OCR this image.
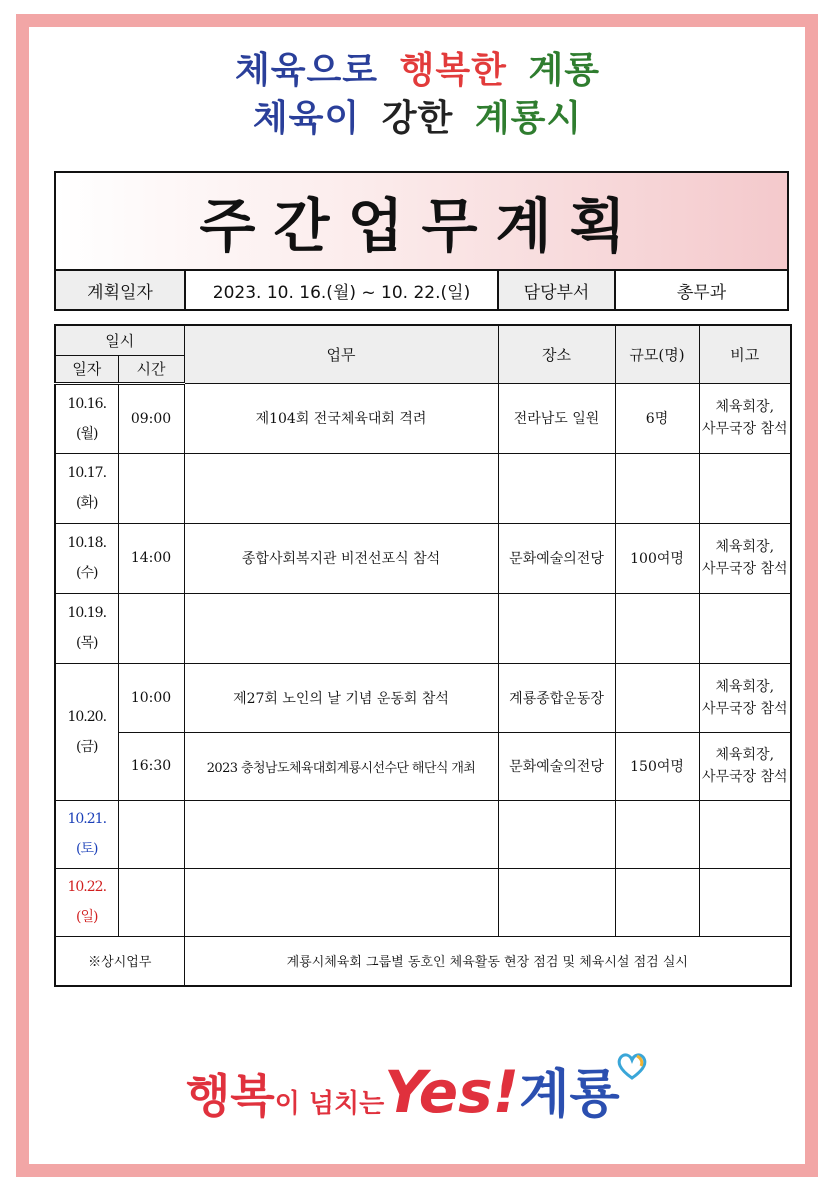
체육으로 행복한 계룡
체육이 강한 계룡시
주간업무계획
계획일자	2023. 10. 16.(월) ~ 10. 22.(일)	담당부서	총무과
일시		업무	장소	규모(명)	비고
일자	시간				
10.16.
(월)	09:00	제104회 전국체육대회 격려	전라남도 일원	6명	체육회장,
사무국장 참석
10.17.
(화)					
10.18.
(수)	14:00	종합사회복지관 비전선포식 참석	문화예술의전당	100여명	체육회장,
사무국장 참석
10.19.
(목)					
10.20.
(금)	10:00	제27회 노인의 날 기념 운동회 참석	계룡종합운동장		체육회장,
사무국장 참석
	16:30	2023 충청남도체육대회계룡시선수단 해단식 개최	문화예술의전당	150여명	체육회장,
사무국장 참석
10.21.
(토)					
10.22.
(일)					
※상시업무		계룡시체육회 그룹별 동호인 체육활동 현장 점검 및 체육시설 점검 실시			
행복이 넘치는Yes!계룡
